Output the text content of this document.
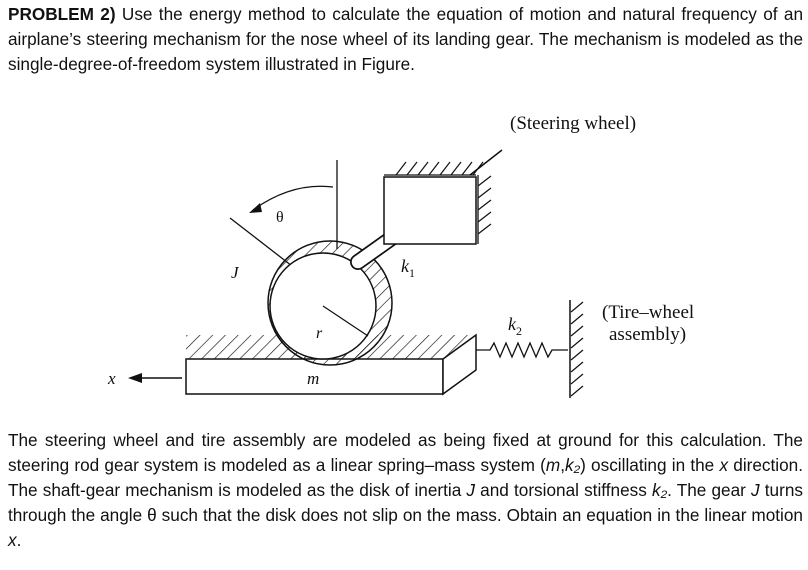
PROBLEM 2) Use the energy method to calculate the equation of motion and natural frequency of an airplane’s steering mechanism for the nose wheel of its landing gear. The mechanism is modeled as the single-degree-of-freedom system illustrated in Figure.
(Steering wheel)
θ
J
m
r
$k_1$
$k_2$
(Tire–wheel
assembly)
x
The steering wheel and tire assembly are modeled as being fixed at ground for this calculation. The steering rod gear system is modeled as a linear spring–mass system (m,k₂) oscillating in the x direction. The shaft-gear mechanism is modeled as the disk of inertia J and torsional stiffness k₂. The gear J turns through the angle θ such that the disk does not slip on the mass. Obtain an equation in the linear motion x.
